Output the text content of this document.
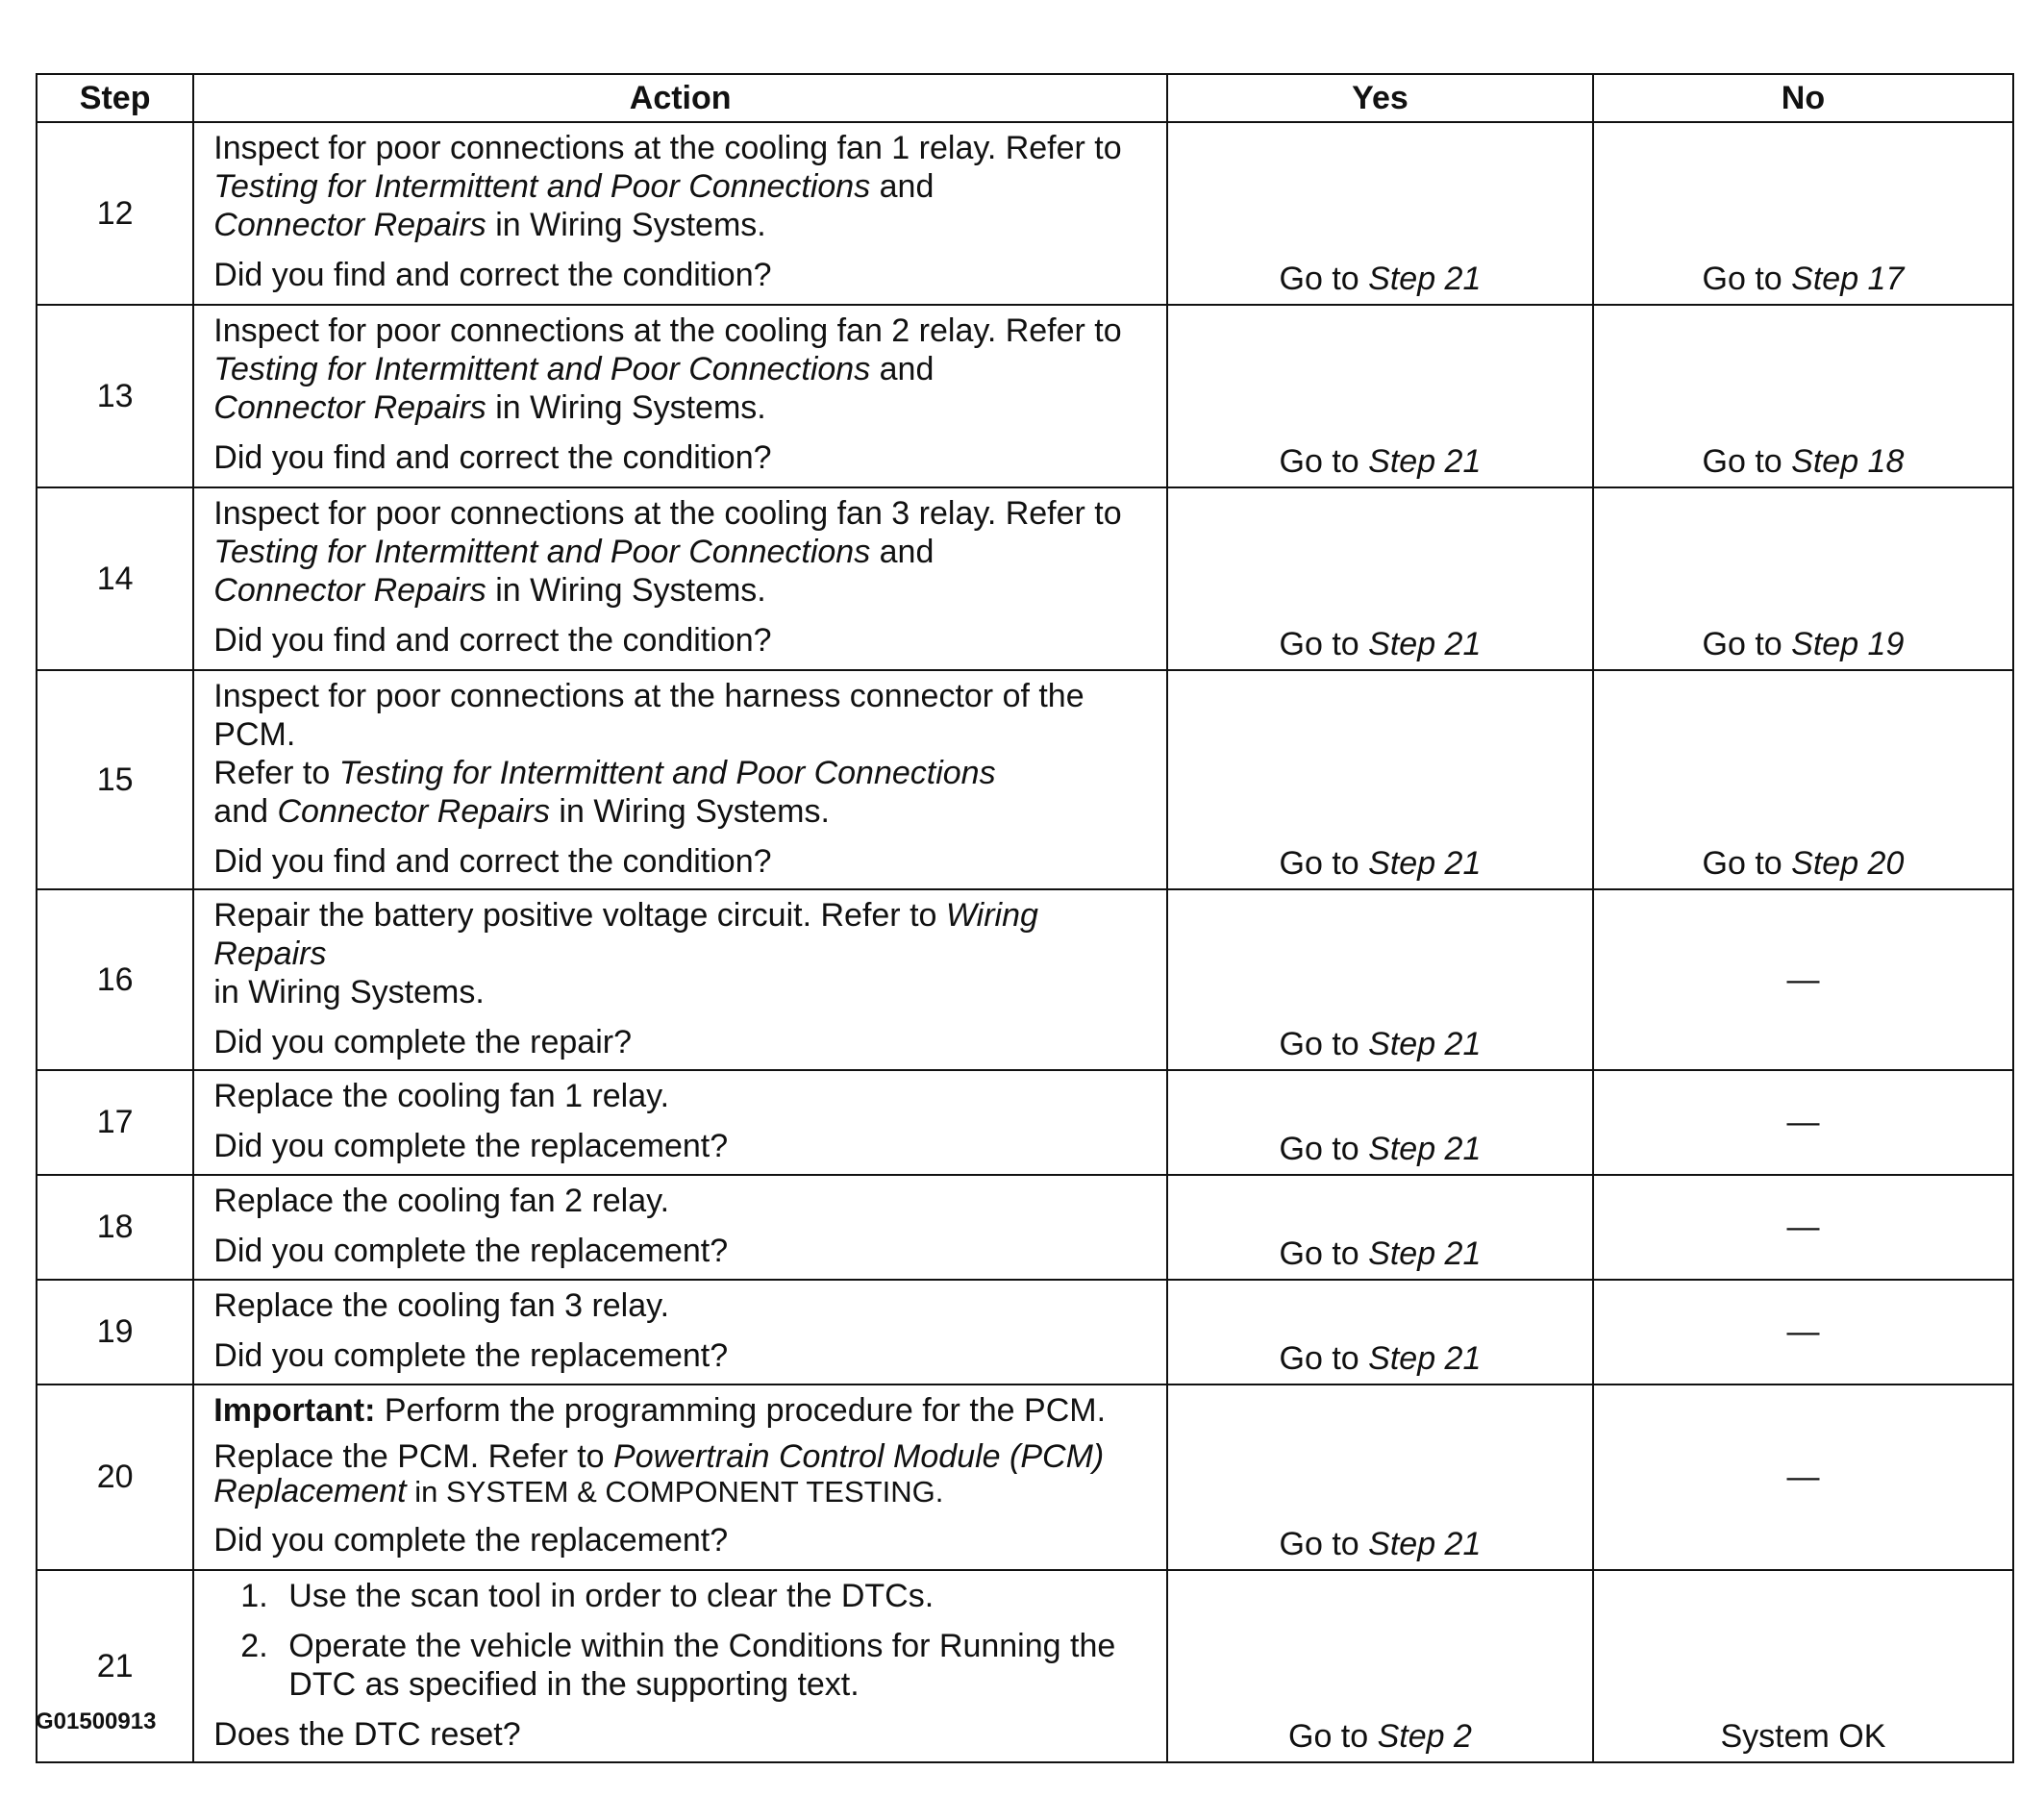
Step	Action	Yes	No
12	Inspect for poor connections at the cooling fan 1 relay. Refer to
Testing for Intermittent and Poor Connections and
Connector Repairs in Wiring Systems.
Did you find and correct the condition?	Go to Step 21	Go to Step 17
13	Inspect for poor connections at the cooling fan 2 relay. Refer to
Testing for Intermittent and Poor Connections and
Connector Repairs in Wiring Systems.
Did you find and correct the condition?	Go to Step 21	Go to Step 18
14	Inspect for poor connections at the cooling fan 3 relay. Refer to
Testing for Intermittent and Poor Connections and
Connector Repairs in Wiring Systems.
Did you find and correct the condition?	Go to Step 21	Go to Step 19
15	Inspect for poor connections at the harness connector of the PCM.
Refer to Testing for Intermittent and Poor Connections
and Connector Repairs in Wiring Systems.
Did you find and correct the condition?	Go to Step 21	Go to Step 20
16	Repair the battery positive voltage circuit. Refer to Wiring Repairs
in Wiring Systems.
Did you complete the repair?	Go to Step 21	—
17	Replace the cooling fan 1 relay.
Did you complete the replacement?	Go to Step 21	—
18	Replace the cooling fan 2 relay.
Did you complete the replacement?	Go to Step 21	—
19	Replace the cooling fan 3 relay.
Did you complete the replacement?	Go to Step 21	—
20	Important: Perform the programming procedure for the PCM.
Replace the PCM. Refer to Powertrain Control Module (PCM)
Replacement in SYSTEM & COMPONENT TESTING.
Did you complete the replacement?	Go to Step 21	—
21	1. Use the scan tool in order to clear the DTCs.
2. Operate the vehicle within the Conditions for Running the DTC as specified in the supporting text.
Does the DTC reset?	Go to Step 2	System OK
G01500913
